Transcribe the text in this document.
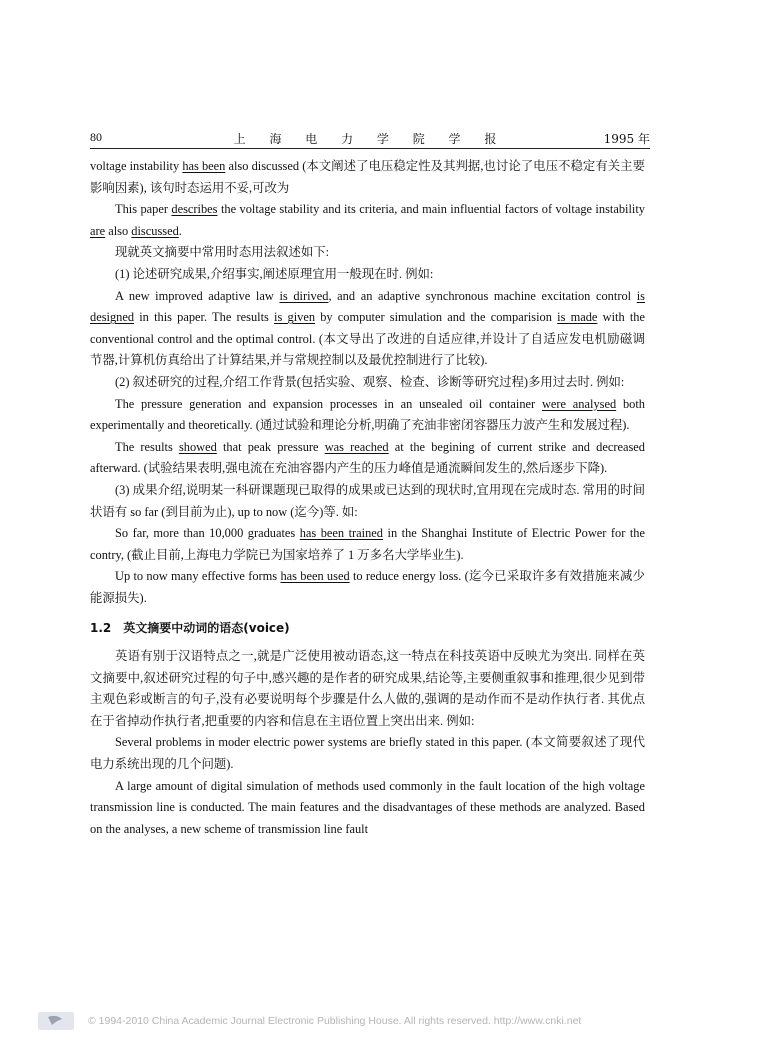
80	上 海 电 力 学 院 学 报	1995 年

voltage instability has been also discussed (本文阐述了电压稳定性及其判据,也讨论了电压不稳定有关主要影响因素), 该句时态运用不妥,可改为

This paper describes the voltage stability and its criteria, and main influential factors of voltage instability are also discussed.

现就英文摘要中常用时态用法叙述如下:

(1) 论述研究成果,介绍事实,阐述原理宜用一般现在时. 例如:

A new improved adaptive law is dirived, and an adaptive synchronous machine excitation control is designed in this paper. The results is given by computer simulation and the comparision is made with the conventional control and the optimal control. (本文导出了改进的自适应律,并设计了自适应发电机励磁调节器,计算机仿真给出了计算结果,并与常规控制以及最优控制进行了比较).

(2) 叙述研究的过程,介绍工作背景(包括实验、观察、检查、诊断等研究过程)多用过去时. 例如:

The pressure generation and expansion processes in an unsealed oil container were analysed both experimentally and theoretically. (通过试验和理论分析,明确了充油非密闭容器压力波产生和发展过程).

The results showed that peak pressure was reached at the begining of current strike and decreased afterward. (试验结果表明,强电流在充油容器内产生的压力峰值是通流瞬间发生的,然后逐步下降).

(3) 成果介绍,说明某一科研课题现已取得的成果或已达到的现状时,宜用现在完成时态. 常用的时间状语有 so far (到目前为止), up to now (迄今)等. 如:

So far, more than 10,000 graduates has been trained in the Shanghai Institute of Electric Power for the contry, (截止目前,上海电力学院已为国家培养了 1 万多名大学毕业生).

Up to now many effective forms has been used to reduce energy loss. (迄今已采取许多有效措施来减少能源损失).

1.2 英文摘要中动词的语态(voice)

英语有别于汉语特点之一,就是广泛使用被动语态,这一特点在科技英语中反映尤为突出. 同样在英文摘要中,叙述研究过程的句子中,感兴趣的是作者的研究成果,结论等,主要侧重叙事和推理,很少见到带主观色彩或断言的句子,没有必要说明每个步骤是什么人做的,强调的是动作而不是动作执行者. 其优点在于省掉动作执行者,把重要的内容和信息在主语位置上突出出来. 例如:

Several problems in moder electric power systems are briefly stated in this paper. (本文简要叙述了现代电力系统出现的几个问题).

A large amount of digital simulation of methods used commonly in the fault location of the high voltage transmission line is conducted. The main features and the disadvantages of these methods are analyzed. Based on the analyses, a new scheme of transmission line fault

© 1994-2010 China Academic Journal Electronic Publishing House. All rights reserved. http://www.cnki.net
